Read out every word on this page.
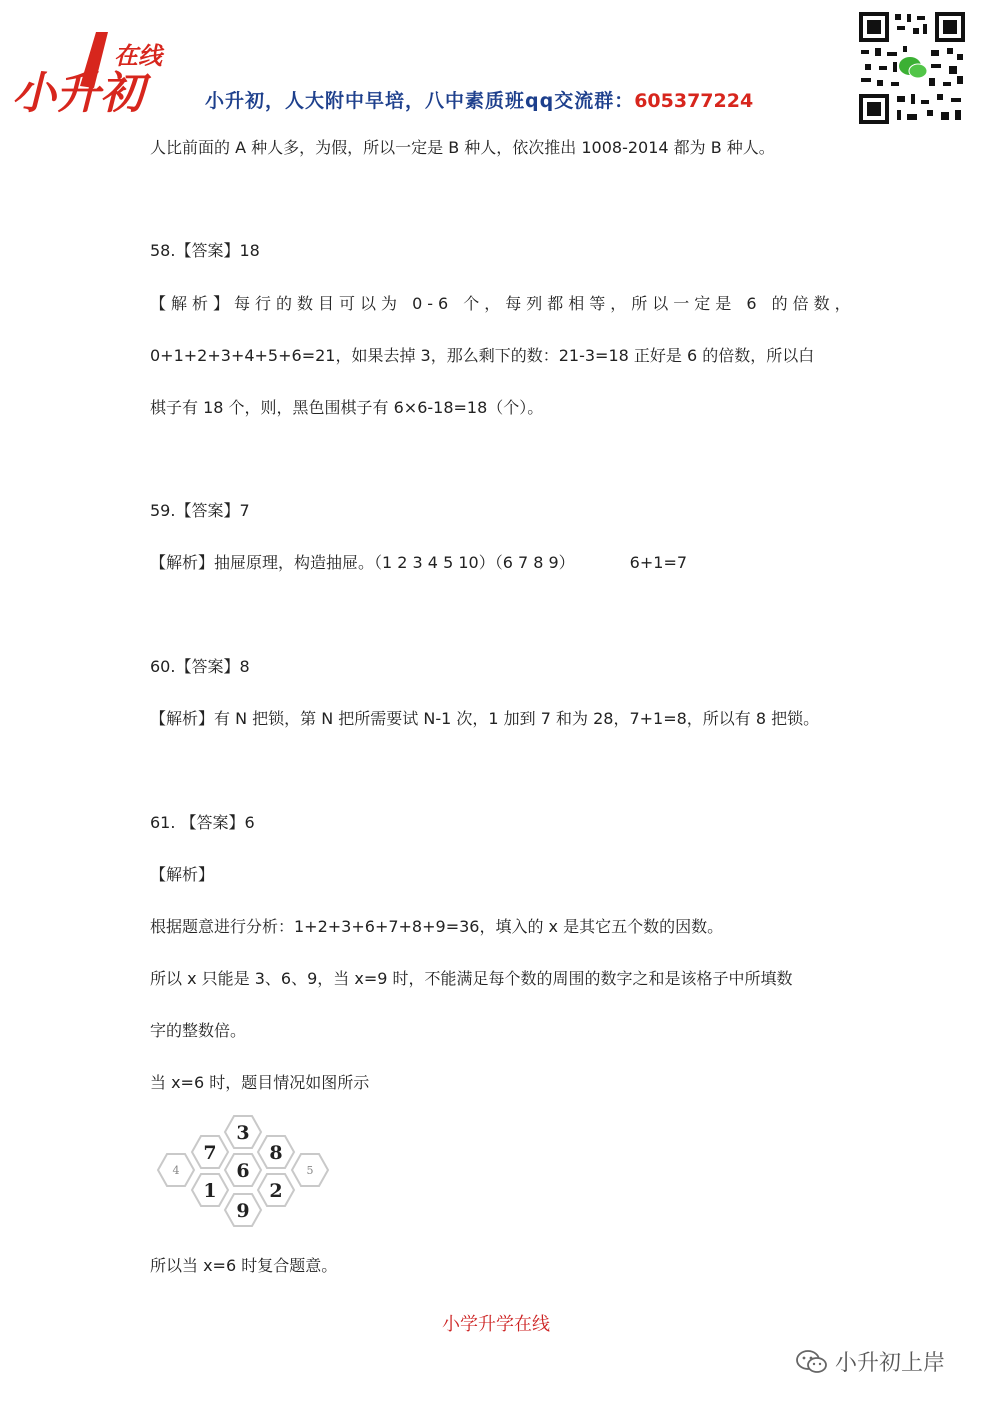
在线
小升初	小升初，人大附中早培，八中素质班qq交流群：605377224
人比前面的 A 种人多，为假，所以一定是 B 种人，依次推出 1008-2014 都为 B 种人。
58.【答案】18
【解析】每行的数目可以为 0-6 个，每列都相等，所以一定是 6 的倍数，
0+1+2+3+4+5+6=21，如果去掉 3，那么剩下的数：21-3=18 正好是 6 的倍数，所以白
棋子有 18 个，则，黑色围棋子有 6×6-18=18（个）。
59.【答案】7
【解析】抽屉原理，构造抽屉。（1 2 3 4 5 10）（6 7 8 9）	6+1=7
60.【答案】8
【解析】有 N 把锁，第 N 把所需要试 N-1 次，1 加到 7 和为 28，7+1=8，所以有 8 把锁。
61. 【答案】6
【解析】
根据题意进行分析：1+2+3+6+7+8+9=36，填入的 x 是其它五个数的因数。
所以 x 只能是 3、6、9，当 x=9 时，不能满足每个数的周围的数字之和是该格子中所填数
字的整数倍。
当 x=6 时，题目情况如图所示
3
7
6
8
4	5
1	2
9
所以当 x=6 时复合题意。
小学升学在线
小升初上岸
